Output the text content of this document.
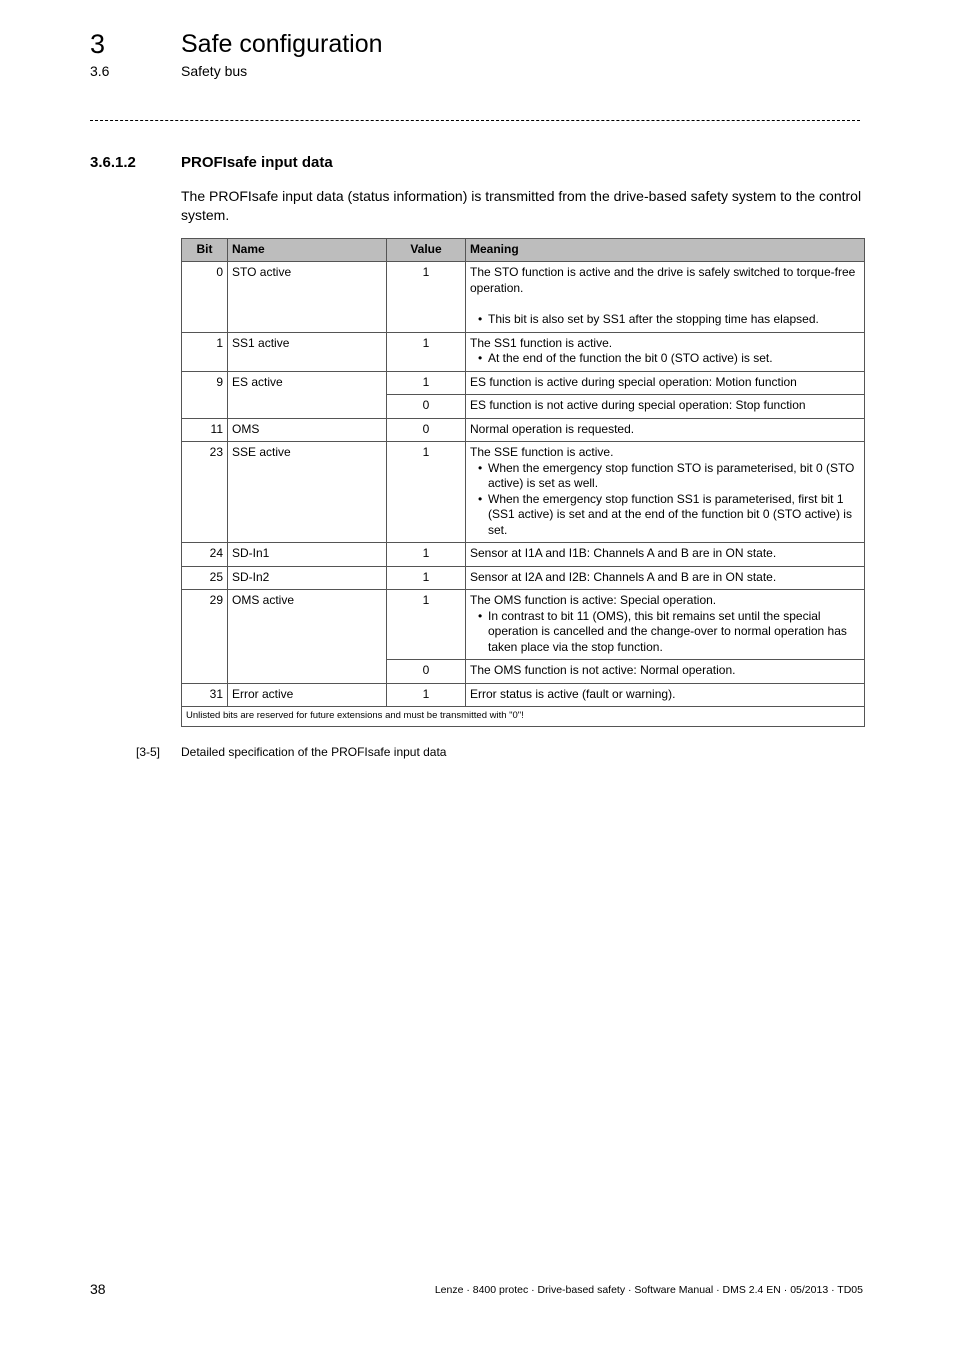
3	Safe configuration
3.6	Safety bus
3.6.1.2	PROFIsafe input data
The PROFIsafe input data (status information) is transmitted from the drive-based safety system to the control system.
Bit	Name	Value	Meaning
0	STO active	1	The STO function is active and the drive is safely switched to torque-free operation.
• This bit is also set by SS1 after the stopping time has elapsed.

1	SS1 active	1	The SS1 function is active.
• At the end of the function the bit 0 (STO active) is set.

9	ES active	1	ES function is active during special operation: Motion function
		0	ES function is not active during special operation: Stop function
11	OMS	0	Normal operation is requested.
23	SSE active	1	The SSE function is active.
• When the emergency stop function STO is parameterised, bit 0 (STO active) is set as well.
• When the emergency stop function SS1 is parameterised, first bit 1 (SS1 active) is set and at the end of the function bit 0 (STO active) is set.

24	SD-In1	1	Sensor at I1A and I1B: Channels A and B are in ON state.
25	SD-In2	1	Sensor at I2A and I2B: Channels A and B are in ON state.
29	OMS active	1	The OMS function is active: Special operation.
• In contrast to bit 11 (OMS), this bit remains set until the special operation is cancelled and the change-over to normal operation has taken place via the stop function.

		0	The OMS function is not active: Normal operation.
31	Error active	1	Error status is active (fault or warning).
Unlisted bits are reserved for future extensions and must be transmitted with "0"!			
[3-5] Detailed specification of the PROFIsafe input data
38	Lenze · 8400 protec · Drive-based safety · Software Manual · DMS 2.4 EN · 05/2013 · TD05
